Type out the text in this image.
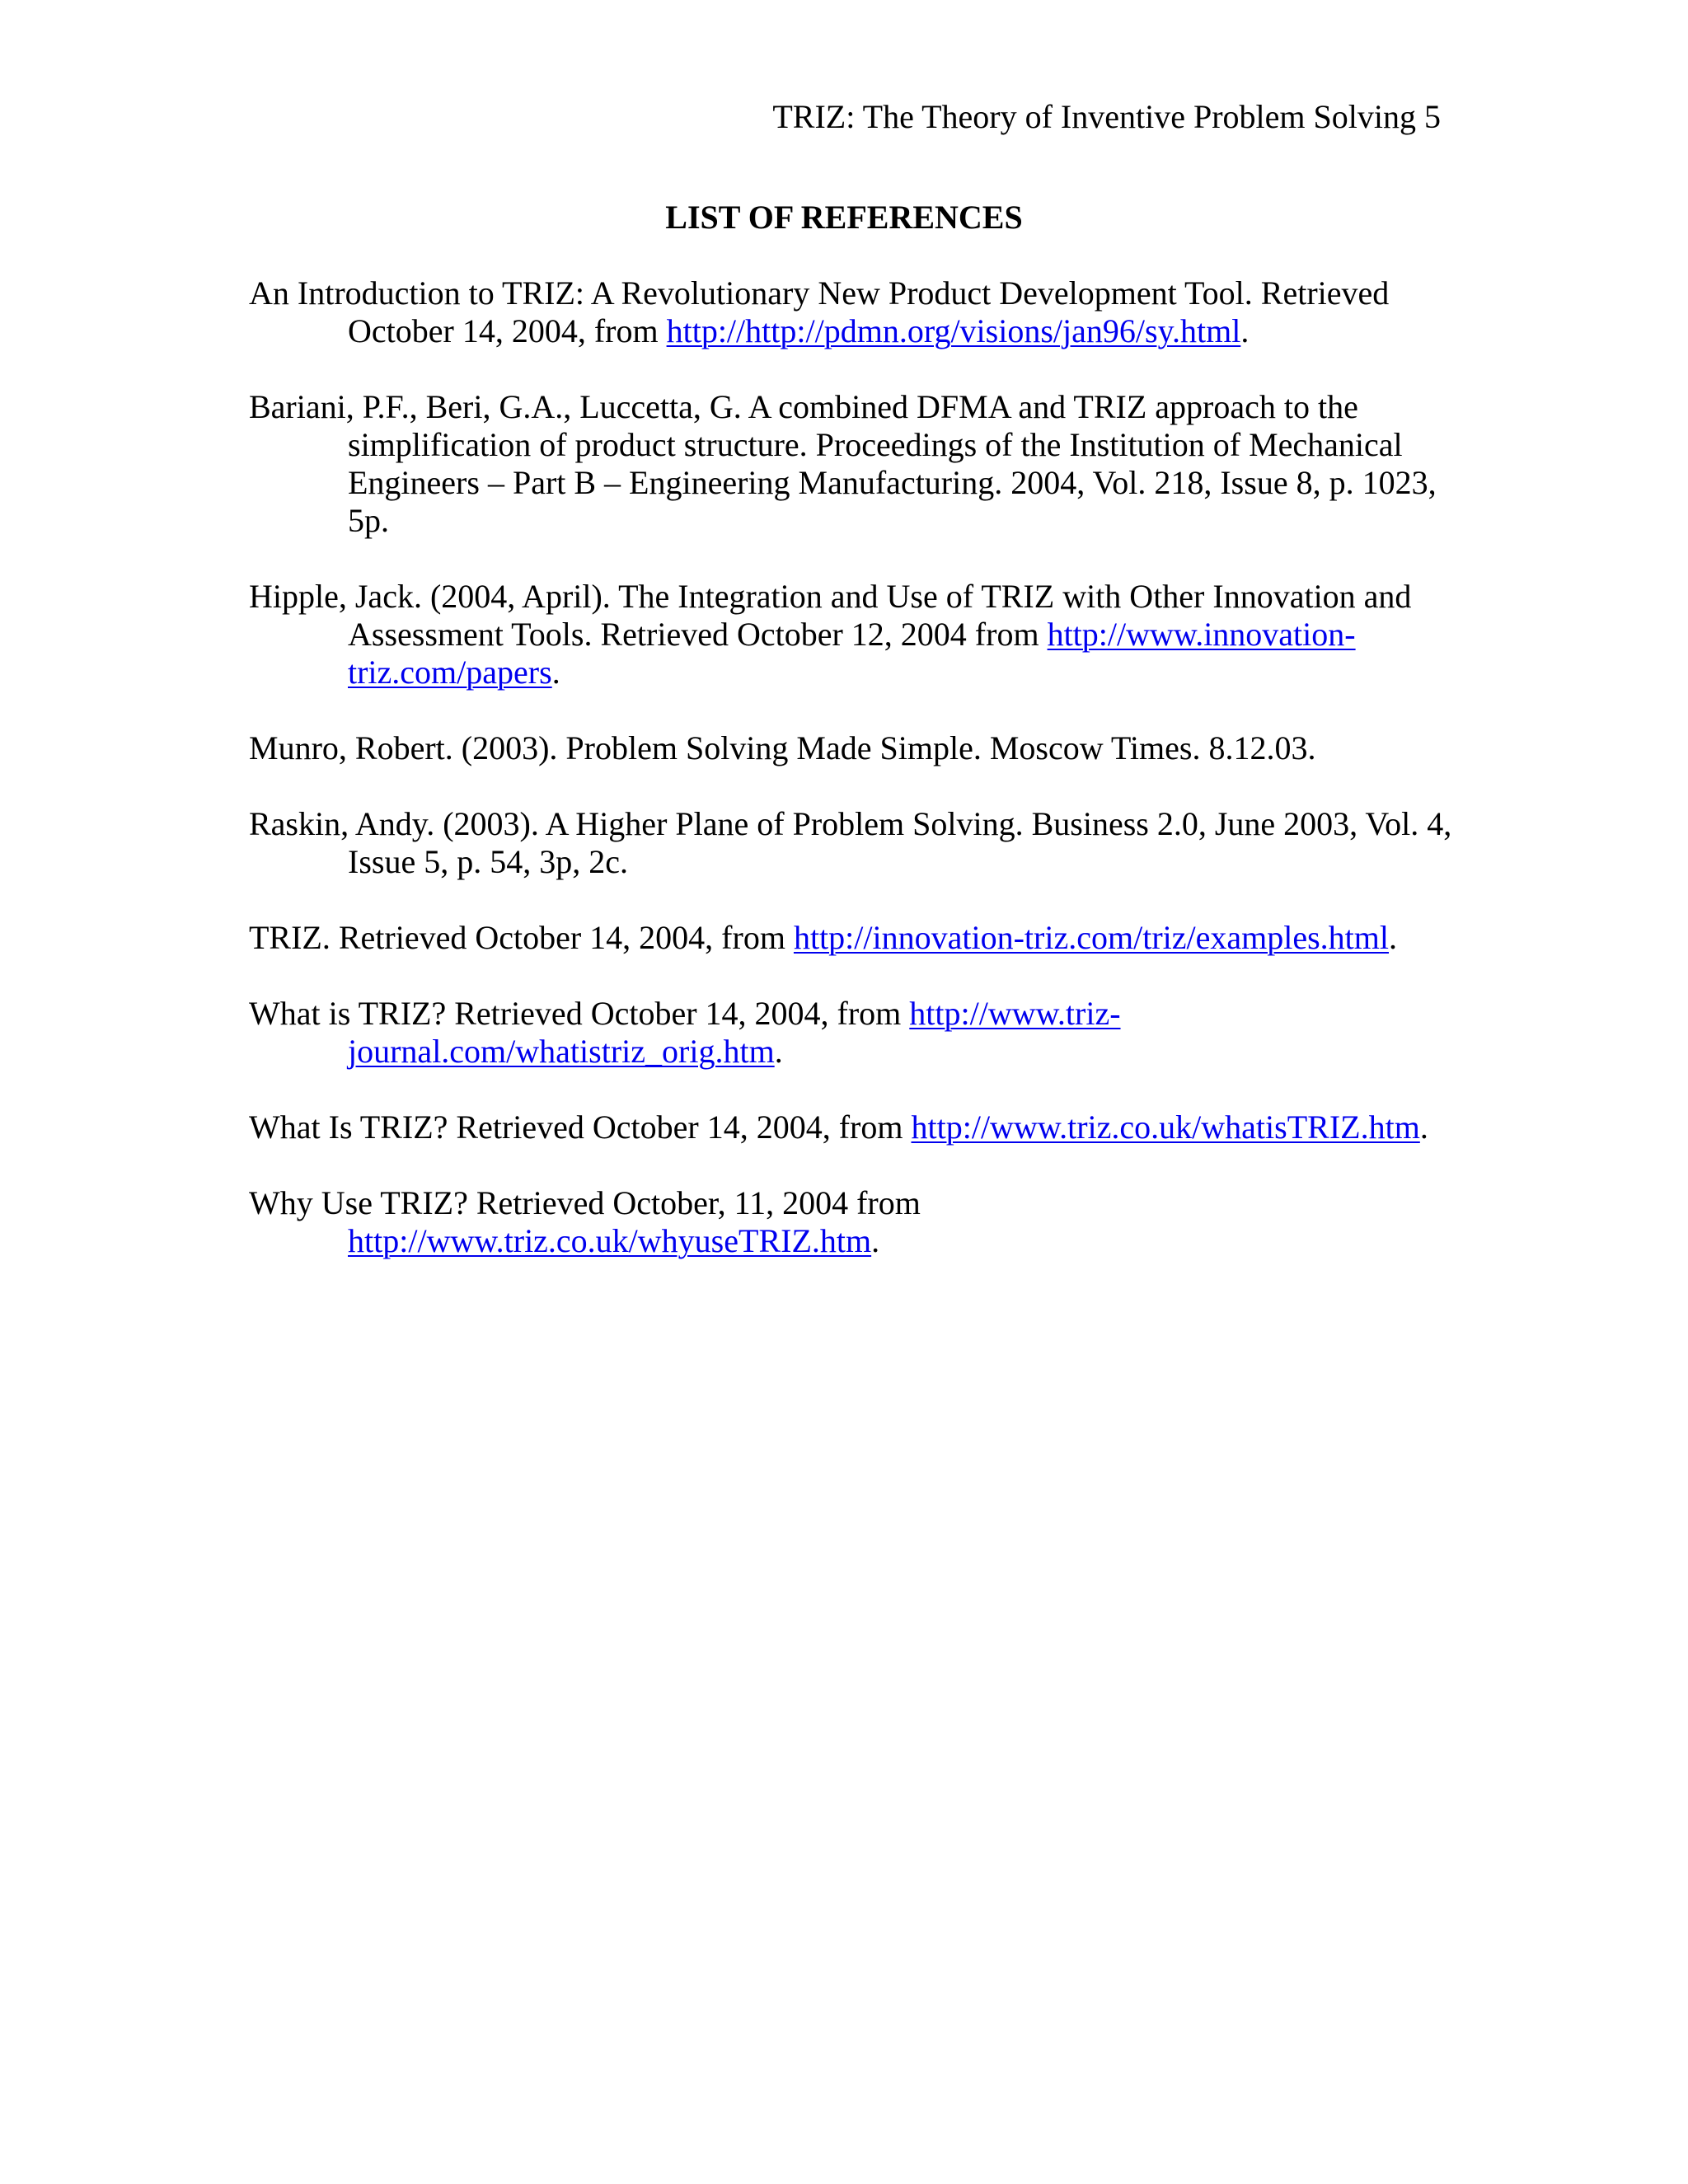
TRIZ: The Theory of Inventive Problem Solving 5
LIST OF REFERENCES
An Introduction to TRIZ: A Revolutionary New Product Development Tool. Retrieved October 14, 2004, from http://http://pdmn.org/visions/jan96/sy.html.
Bariani, P.F., Beri, G.A., Luccetta, G. A combined DFMA and TRIZ approach to the simplification of product structure. Proceedings of the Institution of Mechanical Engineers – Part B – Engineering Manufacturing. 2004, Vol. 218, Issue 8, p. 1023, 5p.
Hipple, Jack. (2004, April). The Integration and Use of TRIZ with Other Innovation and Assessment Tools. Retrieved October 12, 2004 from http://www.innovation-triz.com/papers.
Munro, Robert. (2003). Problem Solving Made Simple. Moscow Times. 8.12.03.
Raskin, Andy. (2003). A Higher Plane of Problem Solving. Business 2.0, June 2003, Vol. 4, Issue 5, p. 54, 3p, 2c.
TRIZ. Retrieved October 14, 2004, from http://innovation-triz.com/triz/examples.html.
What is TRIZ? Retrieved October 14, 2004, from http://www.triz-journal.com/whatistriz_orig.htm.
What Is TRIZ? Retrieved October 14, 2004, from http://www.triz.co.uk/whatisTRIZ.htm.
Why Use TRIZ? Retrieved October, 11, 2004 from http://www.triz.co.uk/whyuseTRIZ.htm.
